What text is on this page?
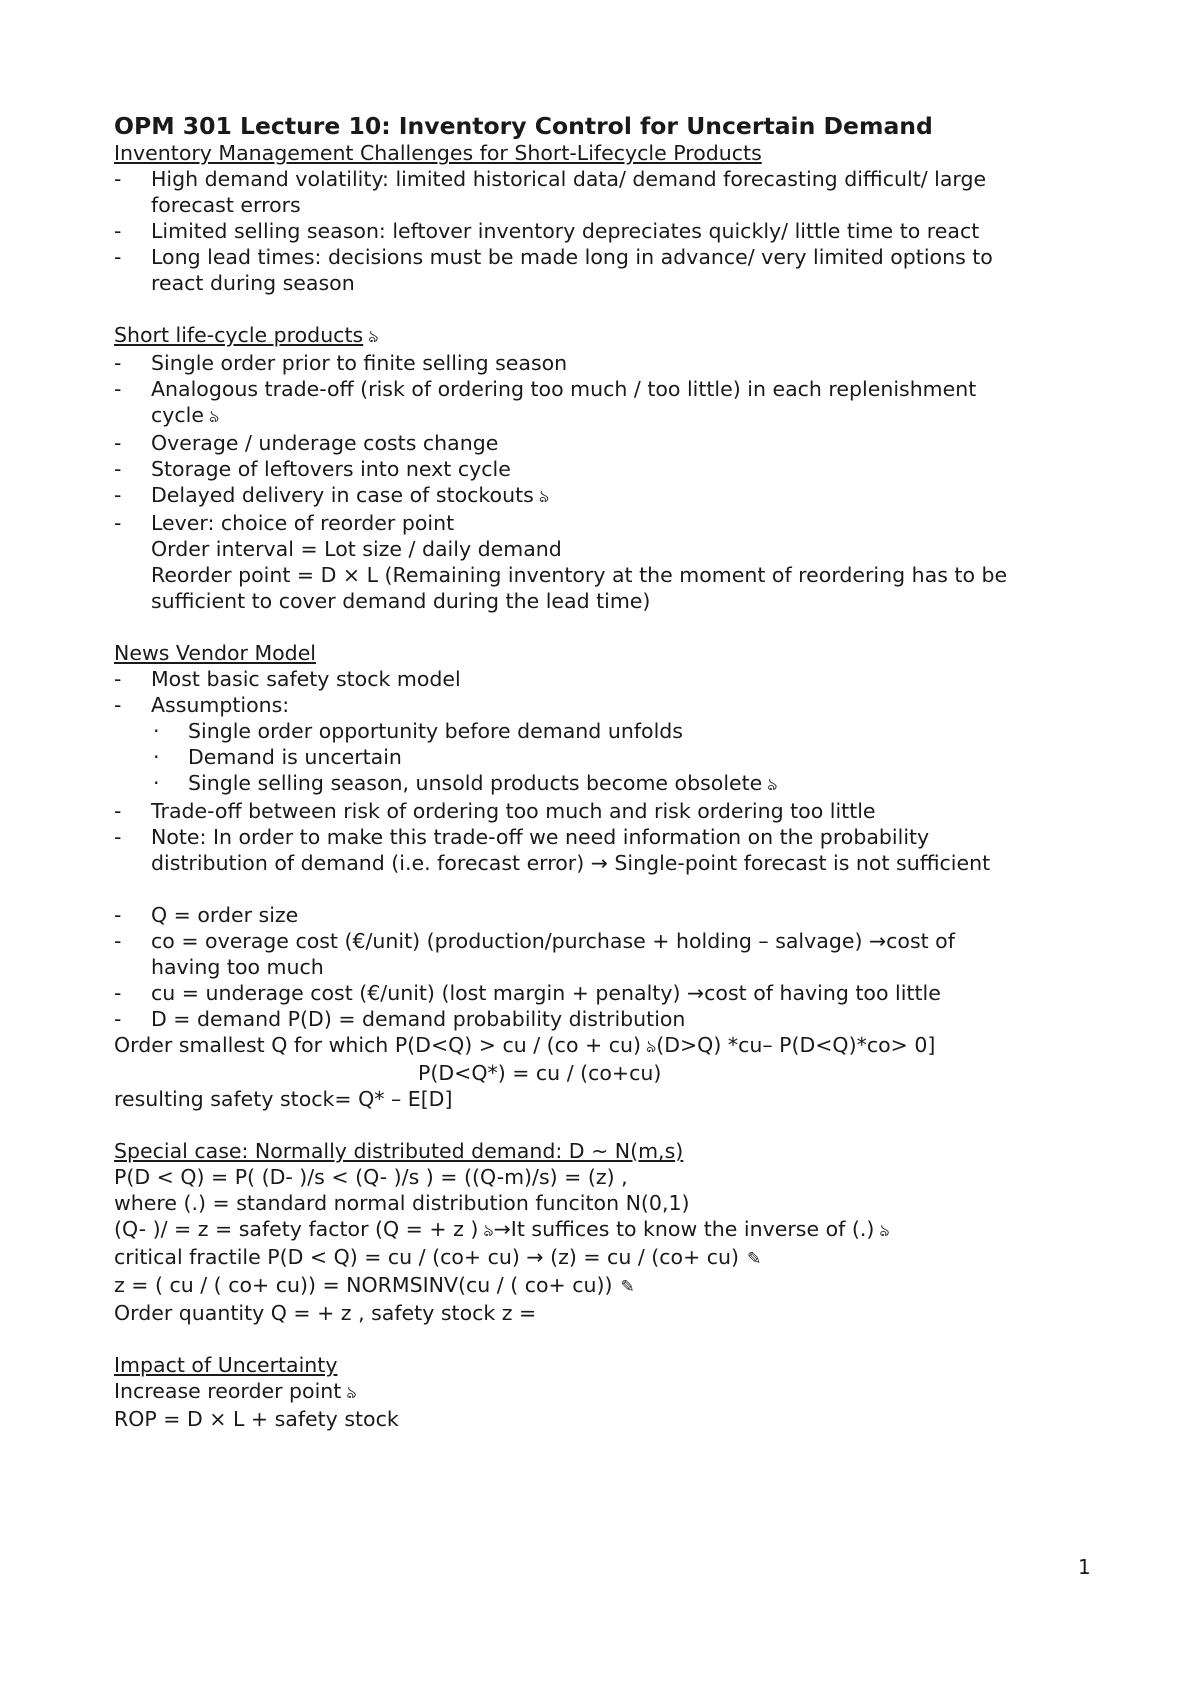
OPM 301 Lecture 10: Inventory Control for Uncertain Demand
Inventory Management Challenges for Short-Lifecycle Products
- High demand volatility: limited historical data/ demand forecasting difficult/ large
forecast errors
- Limited selling season: leftover inventory depreciates quickly/ little time to react
- Long lead times: decisions must be made long in advance/ very limited options to
react during season
Short life-cycle products ঌ
- Single order prior to finite selling season
- Analogous trade-off (risk of ordering too much / too little) in each replenishment
cycle ঌ
- Overage / underage costs change
- Storage of leftovers into next cycle
- Delayed delivery in case of stockouts ঌ
- Lever: choice of reorder point
Order interval = Lot size / daily demand
Reorder point = D × L (Remaining inventory at the moment of reordering has to be
sufficient to cover demand during the lead time)
News Vendor Model
- Most basic safety stock model
- Assumptions:
· Single order opportunity before demand unfolds
· Demand is uncertain
· Single selling season, unsold products become obsolete ঌ
- Trade-off between risk of ordering too much and risk ordering too little
- Note: In order to make this trade-off we need information on the probability
distribution of demand (i.e. forecast error) → Single-point forecast is not sufficient
- Q = order size
- co = overage cost (€/unit) (production/purchase + holding – salvage) →cost of
having too much
- cu = underage cost (€/unit) (lost margin + penalty) →cost of having too little
- D = demand P(D) = demand probability distribution
Order smallest Q for which P(D<Q) > cu / (co + cu) ঌ(D>Q) *cu– P(D<Q)*co> 0]
P(D<Q*) = cu / (co+cu)
resulting safety stock= Q* – E[D]
Special case: Normally distributed demand: D ~ N(m,s)
P(D < Q) = P( (D- )/s < (Q- )/s ) = ((Q-m)/s) = (z) ,
where (.) = standard normal distribution funciton N(0,1)
(Q- )/ = z = safety factor (Q = + z ) ঌ→It suffices to know the inverse of (.) ঌ
critical fractile P(D < Q) = cu / (co+ cu) → (z) = cu / (co+ cu) ✎
z = ( cu / ( co+ cu)) = NORMSINV(cu / ( co+ cu)) ✎
Order quantity Q = + z , safety stock z =
Impact of Uncertainty
Increase reorder point ঌ
ROP = D × L + safety stock
1
